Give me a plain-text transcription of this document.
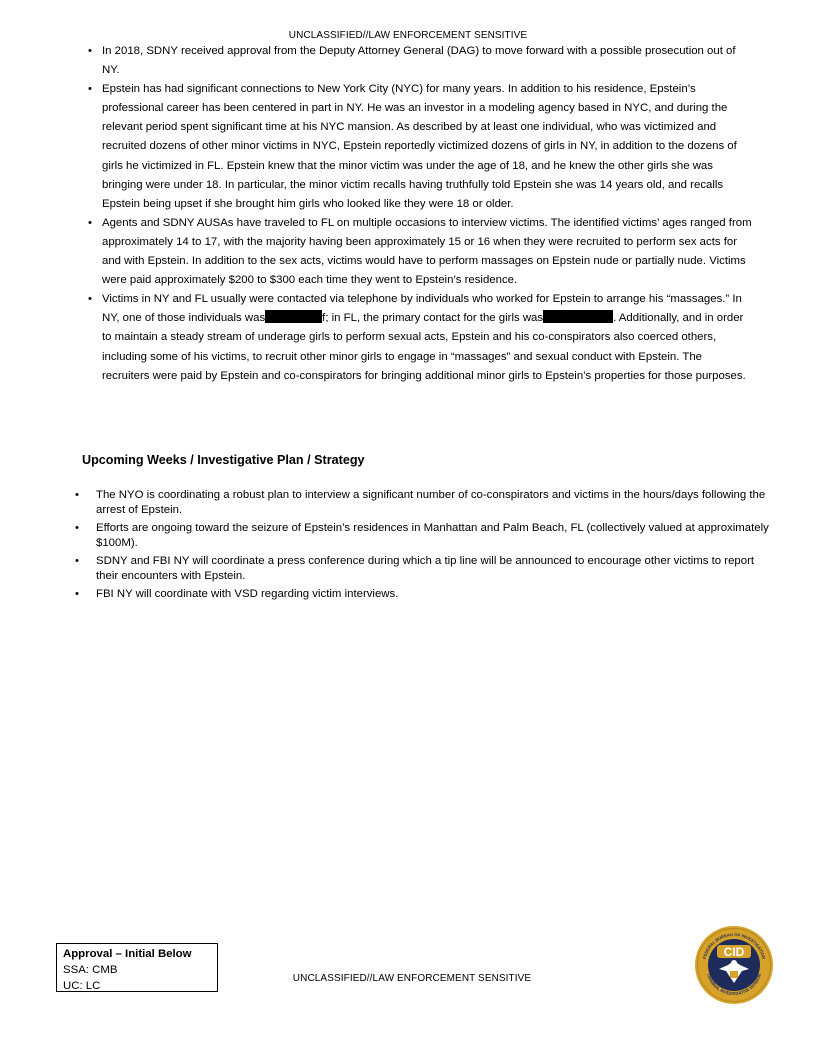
UNCLASSIFIED//LAW ENFORCEMENT SENSITIVE
• In 2018, SDNY received approval from the Deputy Attorney General (DAG) to move forward with a possible prosecution out of NY.
• Epstein has had significant connections to New York City (NYC) for many years. In addition to his residence, Epstein’s professional career has been centered in part in NY. He was an investor in a modeling agency based in NYC, and during the relevant period spent significant time at his NYC mansion. As described by at least one individual, who was victimized and recruited dozens of other minor victims in NYC, Epstein reportedly victimized dozens of girls in NY, in addition to the dozens of girls he victimized in FL. Epstein knew that the minor victim was under the age of 18, and he knew the other girls she was bringing were under 18. In particular, the minor victim recalls having truthfully told Epstein she was 14 years old, and recalls Epstein being upset if she brought him girls who looked like they were 18 or older.
• Agents and SDNY AUSAs have traveled to FL on multiple occasions to interview victims. The identified victims’ ages ranged from approximately 14 to 17, with the majority having been approximately 15 or 16 when they were recruited to perform sex acts for and with Epstein. In addition to the sex acts, victims would have to perform massages on Epstein nude or partially nude. Victims were paid approximately $200 to $300 each time they went to Epstein’s residence.
• Victims in NY and FL usually were contacted via telephone by individuals who worked for Epstein to arrange his “massages.” In NY, one of those individuals was	f; in FL, the primary contact for the girls was	. Additionally, and in order to maintain a steady stream of underage girls to perform sexual acts, Epstein and his co-conspirators also coerced others, including some of his victims, to recruit other minor girls to engage in “massages” and sexual conduct with Epstein. The recruiters were paid by Epstein and co-conspirators for bringing additional minor girls to Epstein’s properties for those purposes.
Upcoming Weeks / Investigative Plan / Strategy
• The NYO is coordinating a robust plan to interview a significant number of co-conspirators and victims in the hours/days following the arrest of Epstein.
• Efforts are ongoing toward the seizure of Epstein’s residences in Manhattan and Palm Beach, FL (collectively valued at approximately $100M).
• SDNY and FBI NY will coordinate a press conference during which a tip line will be announced to encourage other victims to report their encounters with Epstein.
• FBI NY will coordinate with VSD regarding victim interviews.
Approval – Initial Below
SSA: CMB
UC: LC
UNCLASSIFIED//LAW ENFORCEMENT SENSITIVE
FEDERAL BUREAU OF INVESTIGATION
CRIMINAL INVESTIGATIVE DIVISION
CID
